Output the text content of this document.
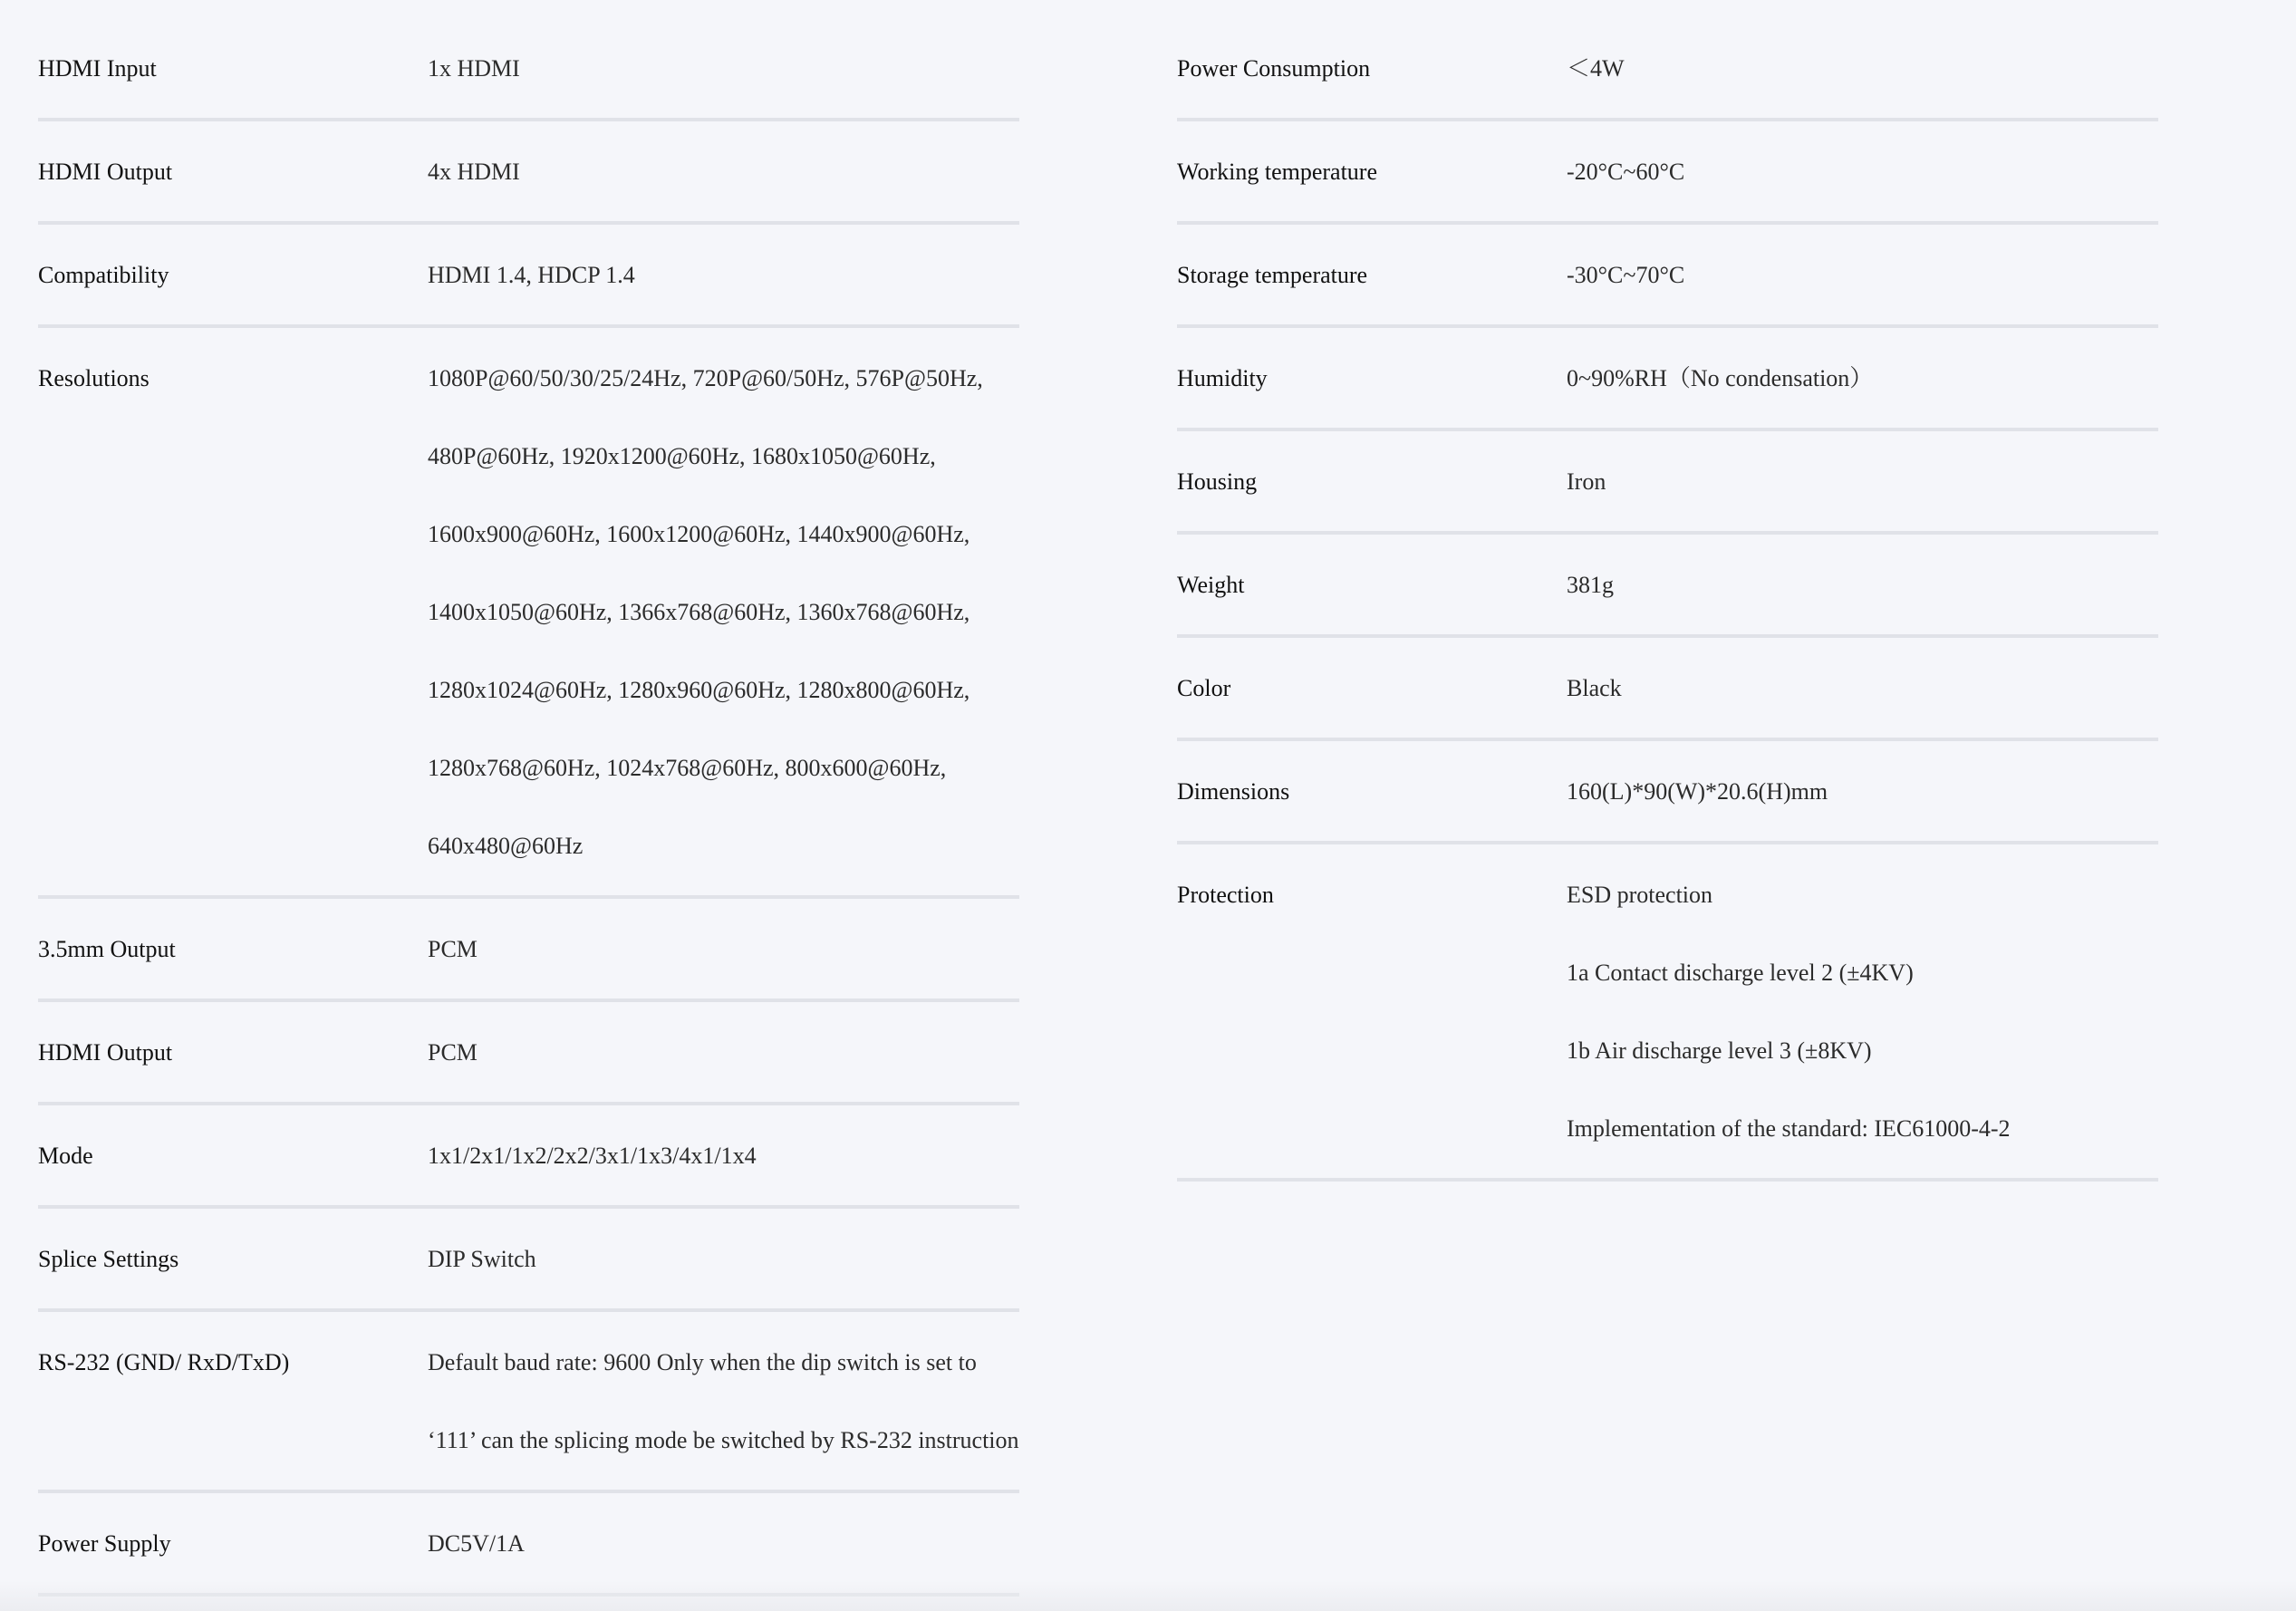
HDMI Input	1x HDMI
HDMI Output	4x HDMI
Compatibility	HDMI 1.4, HDCP 1.4
Resolutions	1080P@60/50/30/25/24Hz, 720P@60/50Hz, 576P@50Hz,
480P@60Hz, 1920x1200@60Hz, 1680x1050@60Hz,
1600x900@60Hz, 1600x1200@60Hz, 1440x900@60Hz,
1400x1050@60Hz, 1366x768@60Hz, 1360x768@60Hz,
1280x1024@60Hz, 1280x960@60Hz, 1280x800@60Hz,
1280x768@60Hz, 1024x768@60Hz, 800x600@60Hz,
640x480@60Hz
3.5mm Output	PCM
HDMI Output	PCM
Mode	1x1/2x1/1x2/2x2/3x1/1x3/4x1/1x4
Splice Settings	DIP Switch
RS-232 (GND/ RxD/TxD)	Default baud rate: 9600 Only when the dip switch is set to
‘111’ can the splicing mode be switched by RS-232 instruction
Power Supply	DC5V/1A
Power Consumption	＜4W
Working temperature	-20°C~60°C
Storage temperature	-30°C~70°C
Humidity	0~90%RH（No condensation）
Housing	Iron
Weight	381g
Color	Black
Dimensions	160(L)*90(W)*20.6(H)mm
Protection	ESD protection
1a Contact discharge level 2 (±4KV)
1b Air discharge level 3 (±8KV)
Implementation of the standard: IEC61000-4-2
